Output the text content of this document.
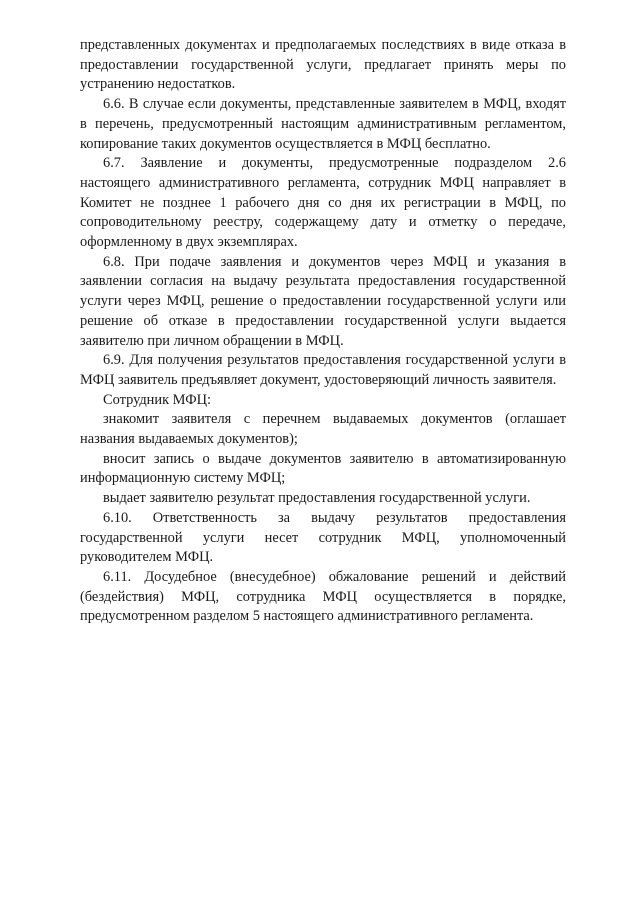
представленных документах и предполагаемых последствиях в виде отказа в предоставлении государственной услуги, предлагает принять меры по устранению недостатков.

6.6. В случае если документы, представленные заявителем в МФЦ, входят в перечень, предусмотренный настоящим административным регламентом, копирование таких документов осуществляется в МФЦ бесплатно.

6.7. Заявление и документы, предусмотренные подразделом 2.6 настоящего административного регламента, сотрудник МФЦ направляет в Комитет не позднее 1 рабочего дня со дня их регистрации в МФЦ, по сопроводительному реестру, содержащему дату и отметку о передаче, оформленному в двух экземплярах.

6.8. При подаче заявления и документов через МФЦ и указания в заявлении согласия на выдачу результата предоставления государственной услуги через МФЦ, решение о предоставлении государственной услуги или решение об отказе в предоставлении государственной услуги выдается заявителю при личном обращении в МФЦ.

6.9. Для получения результатов предоставления государственной услуги в МФЦ заявитель предъявляет документ, удостоверяющий личность заявителя.

Сотрудник МФЦ:

знакомит заявителя с перечнем выдаваемых документов (оглашает названия выдаваемых документов);

вносит запись о выдаче документов заявителю в автоматизированную информационную систему МФЦ;

выдает заявителю результат предоставления государственной услуги.

6.10. Ответственность за выдачу результатов предоставления государственной услуги несет сотрудник МФЦ, уполномоченный руководителем МФЦ.

6.11. Досудебное (внесудебное) обжалование решений и действий (бездействия) МФЦ, сотрудника МФЦ осуществляется в порядке, предусмотренном разделом 5 настоящего административного регламента.
